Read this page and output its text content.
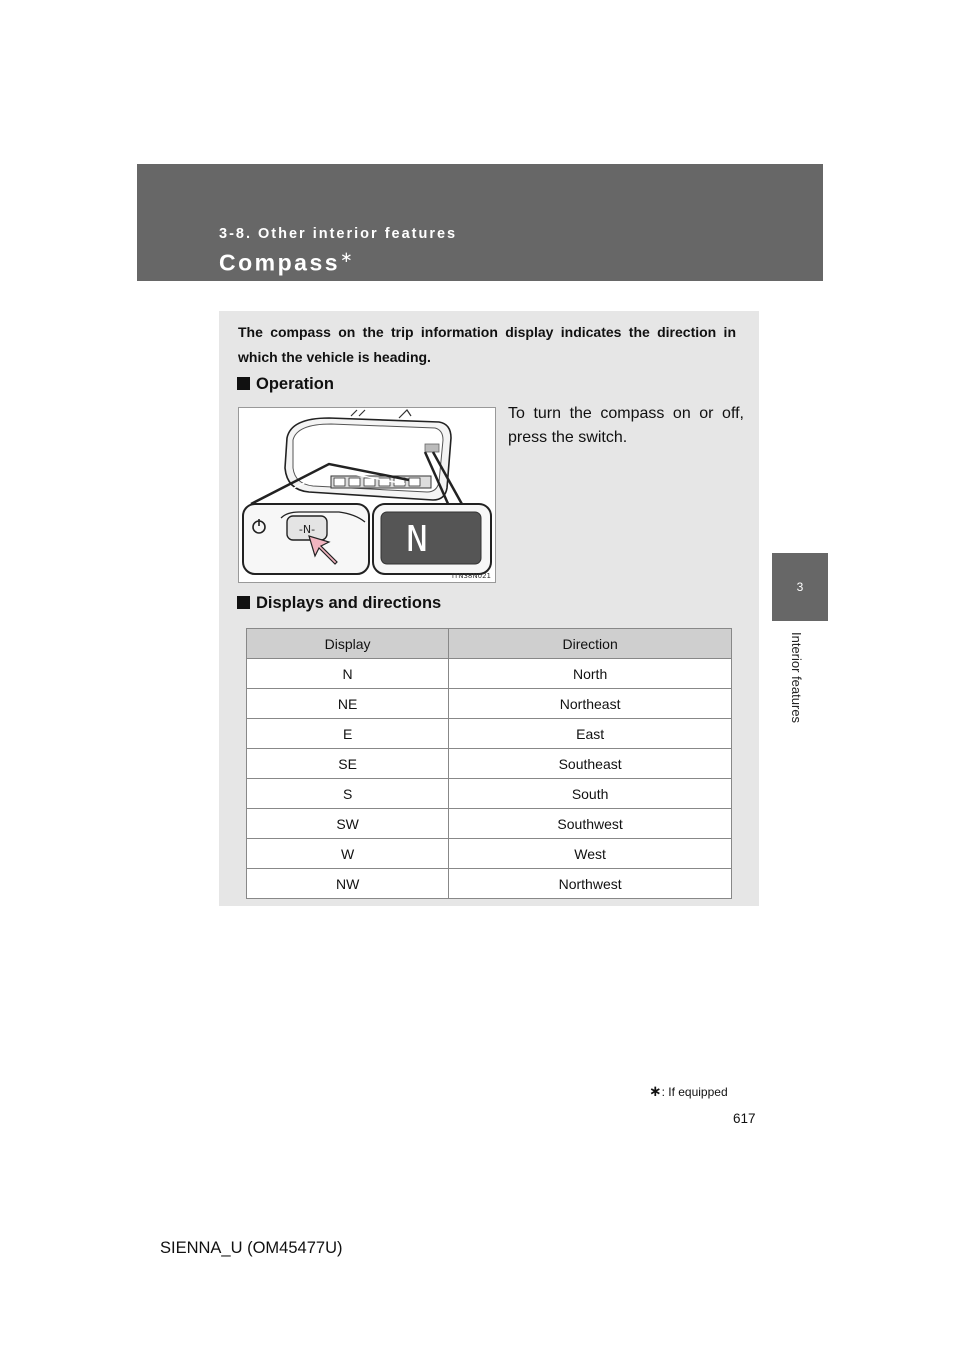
3-8. Other interior features
Compass∗
3
Interior features
The compass on the trip information display indicates the direction in which the vehicle is heading.
Operation
-N-	N
ITN38N021
To turn the compass on or off, press the switch.
Displays and directions
Display	Direction
N	North
NE	Northeast
E	East
SE	Southeast
S	South
SW	Southwest
W	West
NW	Northwest
∗: If equipped
617
SIENNA_U (OM45477U)
